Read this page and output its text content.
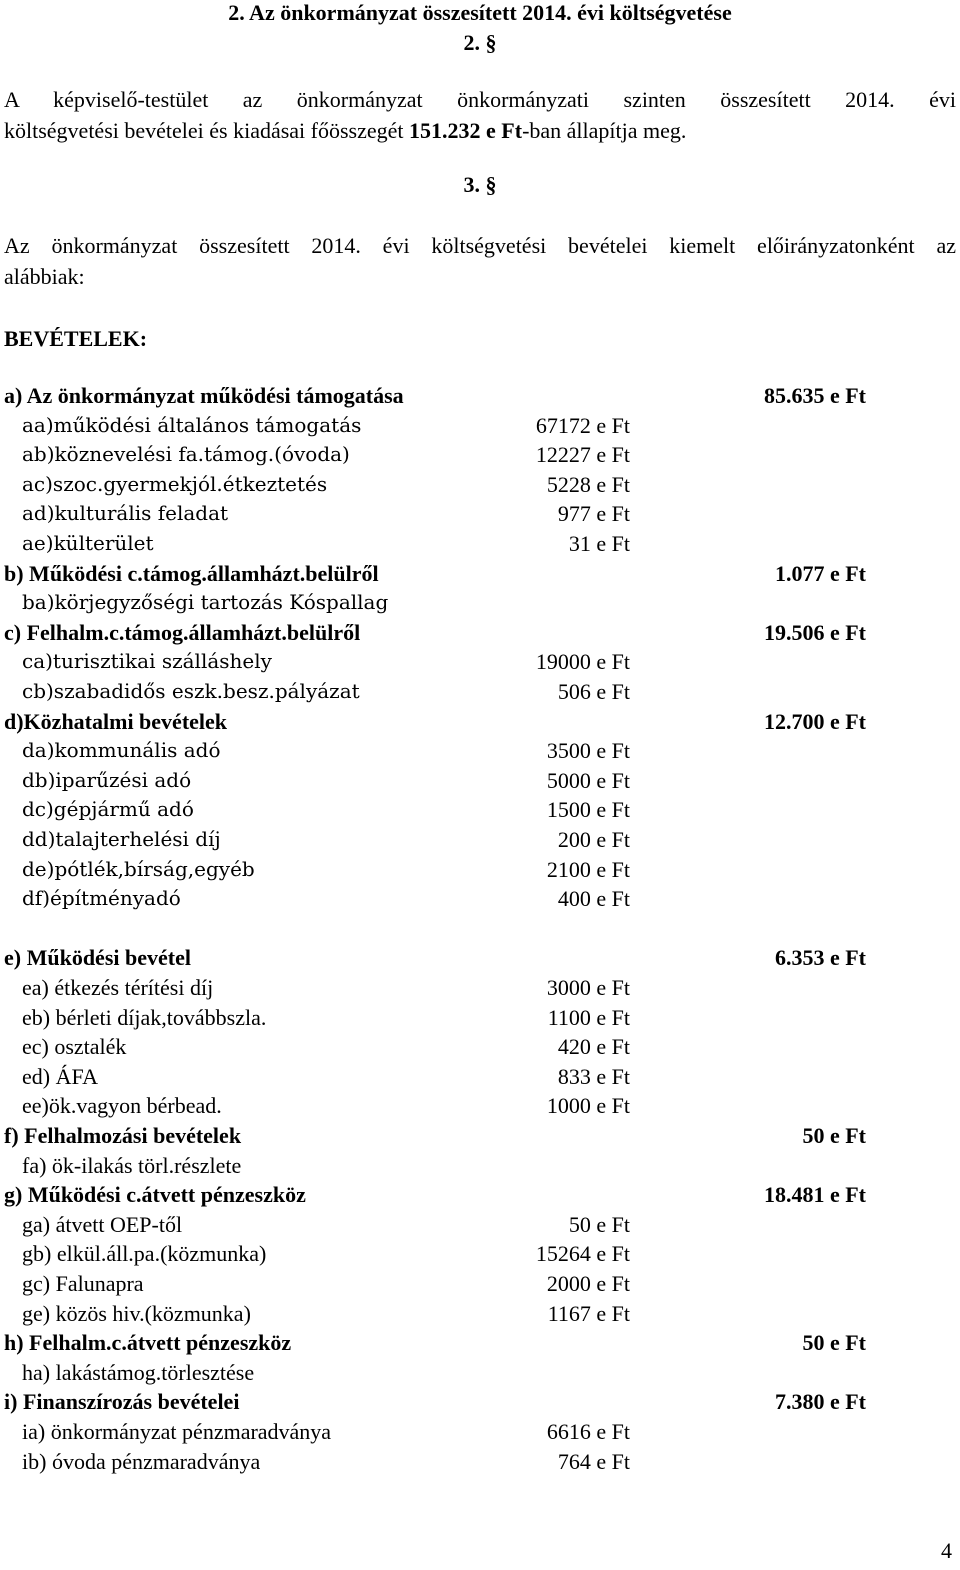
2. Az önkormányzat összesített 2014. évi költségvetése
2. §
A képviselő-testület az önkormányzat önkormányzati szinten összesített 2014. évi
költségvetési bevételei és kiadásai főösszegét 151.232 e Ft-ban állapítja meg.
3. §
Az önkormányzat összesített 2014. évi költségvetési bevételei kiemelt előirányzatonként az
alábbiak:
BEVÉTELEK:
a) Az önkormányzat működési támogatása	85.635 e Ft
aa)működési általános támogatás	67172 e Ft
ab)köznevelési fa.támog.(óvoda)	12227 e Ft
ac)szoc.gyermekjól.étkeztetés	5228 e Ft
ad)kulturális feladat	977 e Ft
ae)külterület	31 e Ft
b) Működési c.támog.államházt.belülről	1.077 e Ft
ba)körjegyzőségi tartozás Kóspallag
c) Felhalm.c.támog.államházt.belülről	19.506 e Ft
ca)turisztikai szálláshely	19000 e Ft
cb)szabadidős eszk.besz.pályázat	506 e Ft
d)Közhatalmi bevételek	12.700 e Ft
da)kommunális adó	3500 e Ft
db)iparűzési adó	5000 e Ft
dc)gépjármű adó	1500 e Ft
dd)talajterhelési díj	200 e Ft
de)pótlék,bírság,egyéb	2100 e Ft
df)építményadó	400 e Ft
e) Működési bevétel	6.353 e Ft
ea) étkezés térítési díj	3000 e Ft
eb) bérleti díjak,továbbszla.	1100 e Ft
ec) osztalék	420 e Ft
ed) ÁFA	833 e Ft
ee)ök.vagyon bérbead.	1000 e Ft
f) Felhalmozási bevételek	50 e Ft
fa) ök-ilakás törl.részlete
g) Működési c.átvett pénzeszköz	18.481 e Ft
ga) átvett OEP-től	50 e Ft
gb) elkül.áll.pa.(közmunka)	15264 e Ft
gc) Falunapra	2000 e Ft
ge) közös hiv.(közmunka)	1167 e Ft
h) Felhalm.c.átvett pénzeszköz	50 e Ft
ha) lakástámog.törlesztése
i) Finanszírozás bevételei	7.380 e Ft
ia) önkormányzat pénzmaradványa	6616 e Ft
ib) óvoda pénzmaradványa	764 e Ft
4
